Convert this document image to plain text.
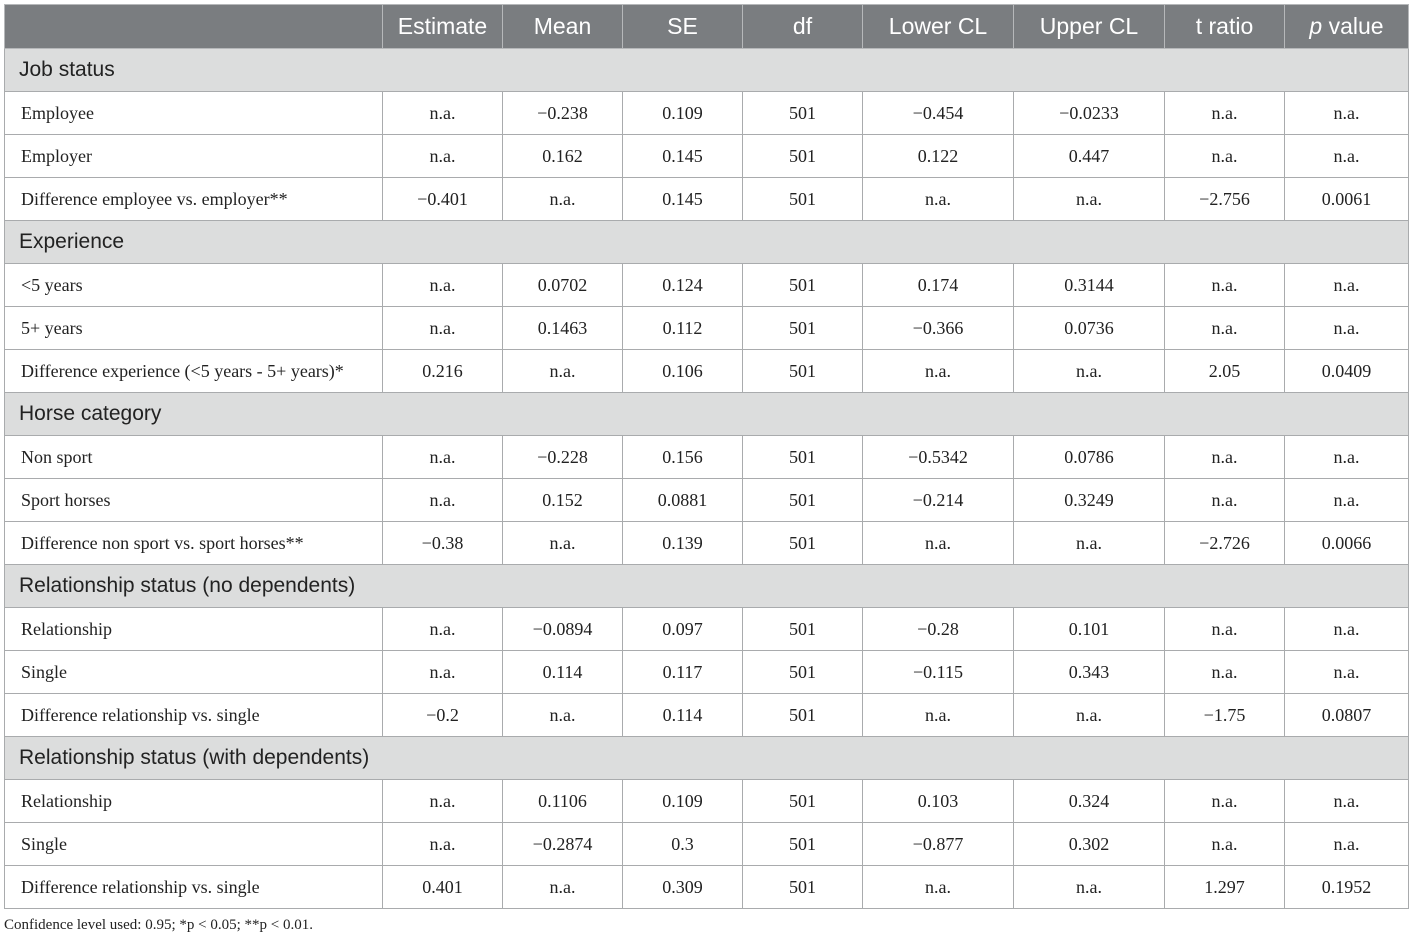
	Estimate	Mean	SE	df	Lower CL	Upper CL	t ratio	p value
Job status								
Employee	n.a.	−0.238	0.109	501	−0.454	−0.0233	n.a.	n.a.
Employer	n.a.	0.162	0.145	501	0.122	0.447	n.a.	n.a.
Difference employee vs. employer**	−0.401	n.a.	0.145	501	n.a.	n.a.	−2.756	0.0061
Experience								
<5 years	n.a.	0.0702	0.124	501	0.174	0.3144	n.a.	n.a.
5+ years	n.a.	0.1463	0.112	501	−0.366	0.0736	n.a.	n.a.
Difference experience (<5 years - 5+ years)*	0.216	n.a.	0.106	501	n.a.	n.a.	2.05	0.0409
Horse category								
Non sport	n.a.	−0.228	0.156	501	−0.5342	0.0786	n.a.	n.a.
Sport horses	n.a.	0.152	0.0881	501	−0.214	0.3249	n.a.	n.a.
Difference non sport vs. sport horses**	−0.38	n.a.	0.139	501	n.a.	n.a.	−2.726	0.0066
Relationship status (no dependents)								
Relationship	n.a.	−0.0894	0.097	501	−0.28	0.101	n.a.	n.a.
Single	n.a.	0.114	0.117	501	−0.115	0.343	n.a.	n.a.
Difference relationship vs. single	−0.2	n.a.	0.114	501	n.a.	n.a.	−1.75	0.0807
Relationship status (with dependents)								
Relationship	n.a.	0.1106	0.109	501	0.103	0.324	n.a.	n.a.
Single	n.a.	−0.2874	0.3	501	−0.877	0.302	n.a.	n.a.
Difference relationship vs. single	0.401	n.a.	0.309	501	n.a.	n.a.	1.297	0.1952
Confidence level used: 0.95; *p < 0.05; **p < 0.01.
